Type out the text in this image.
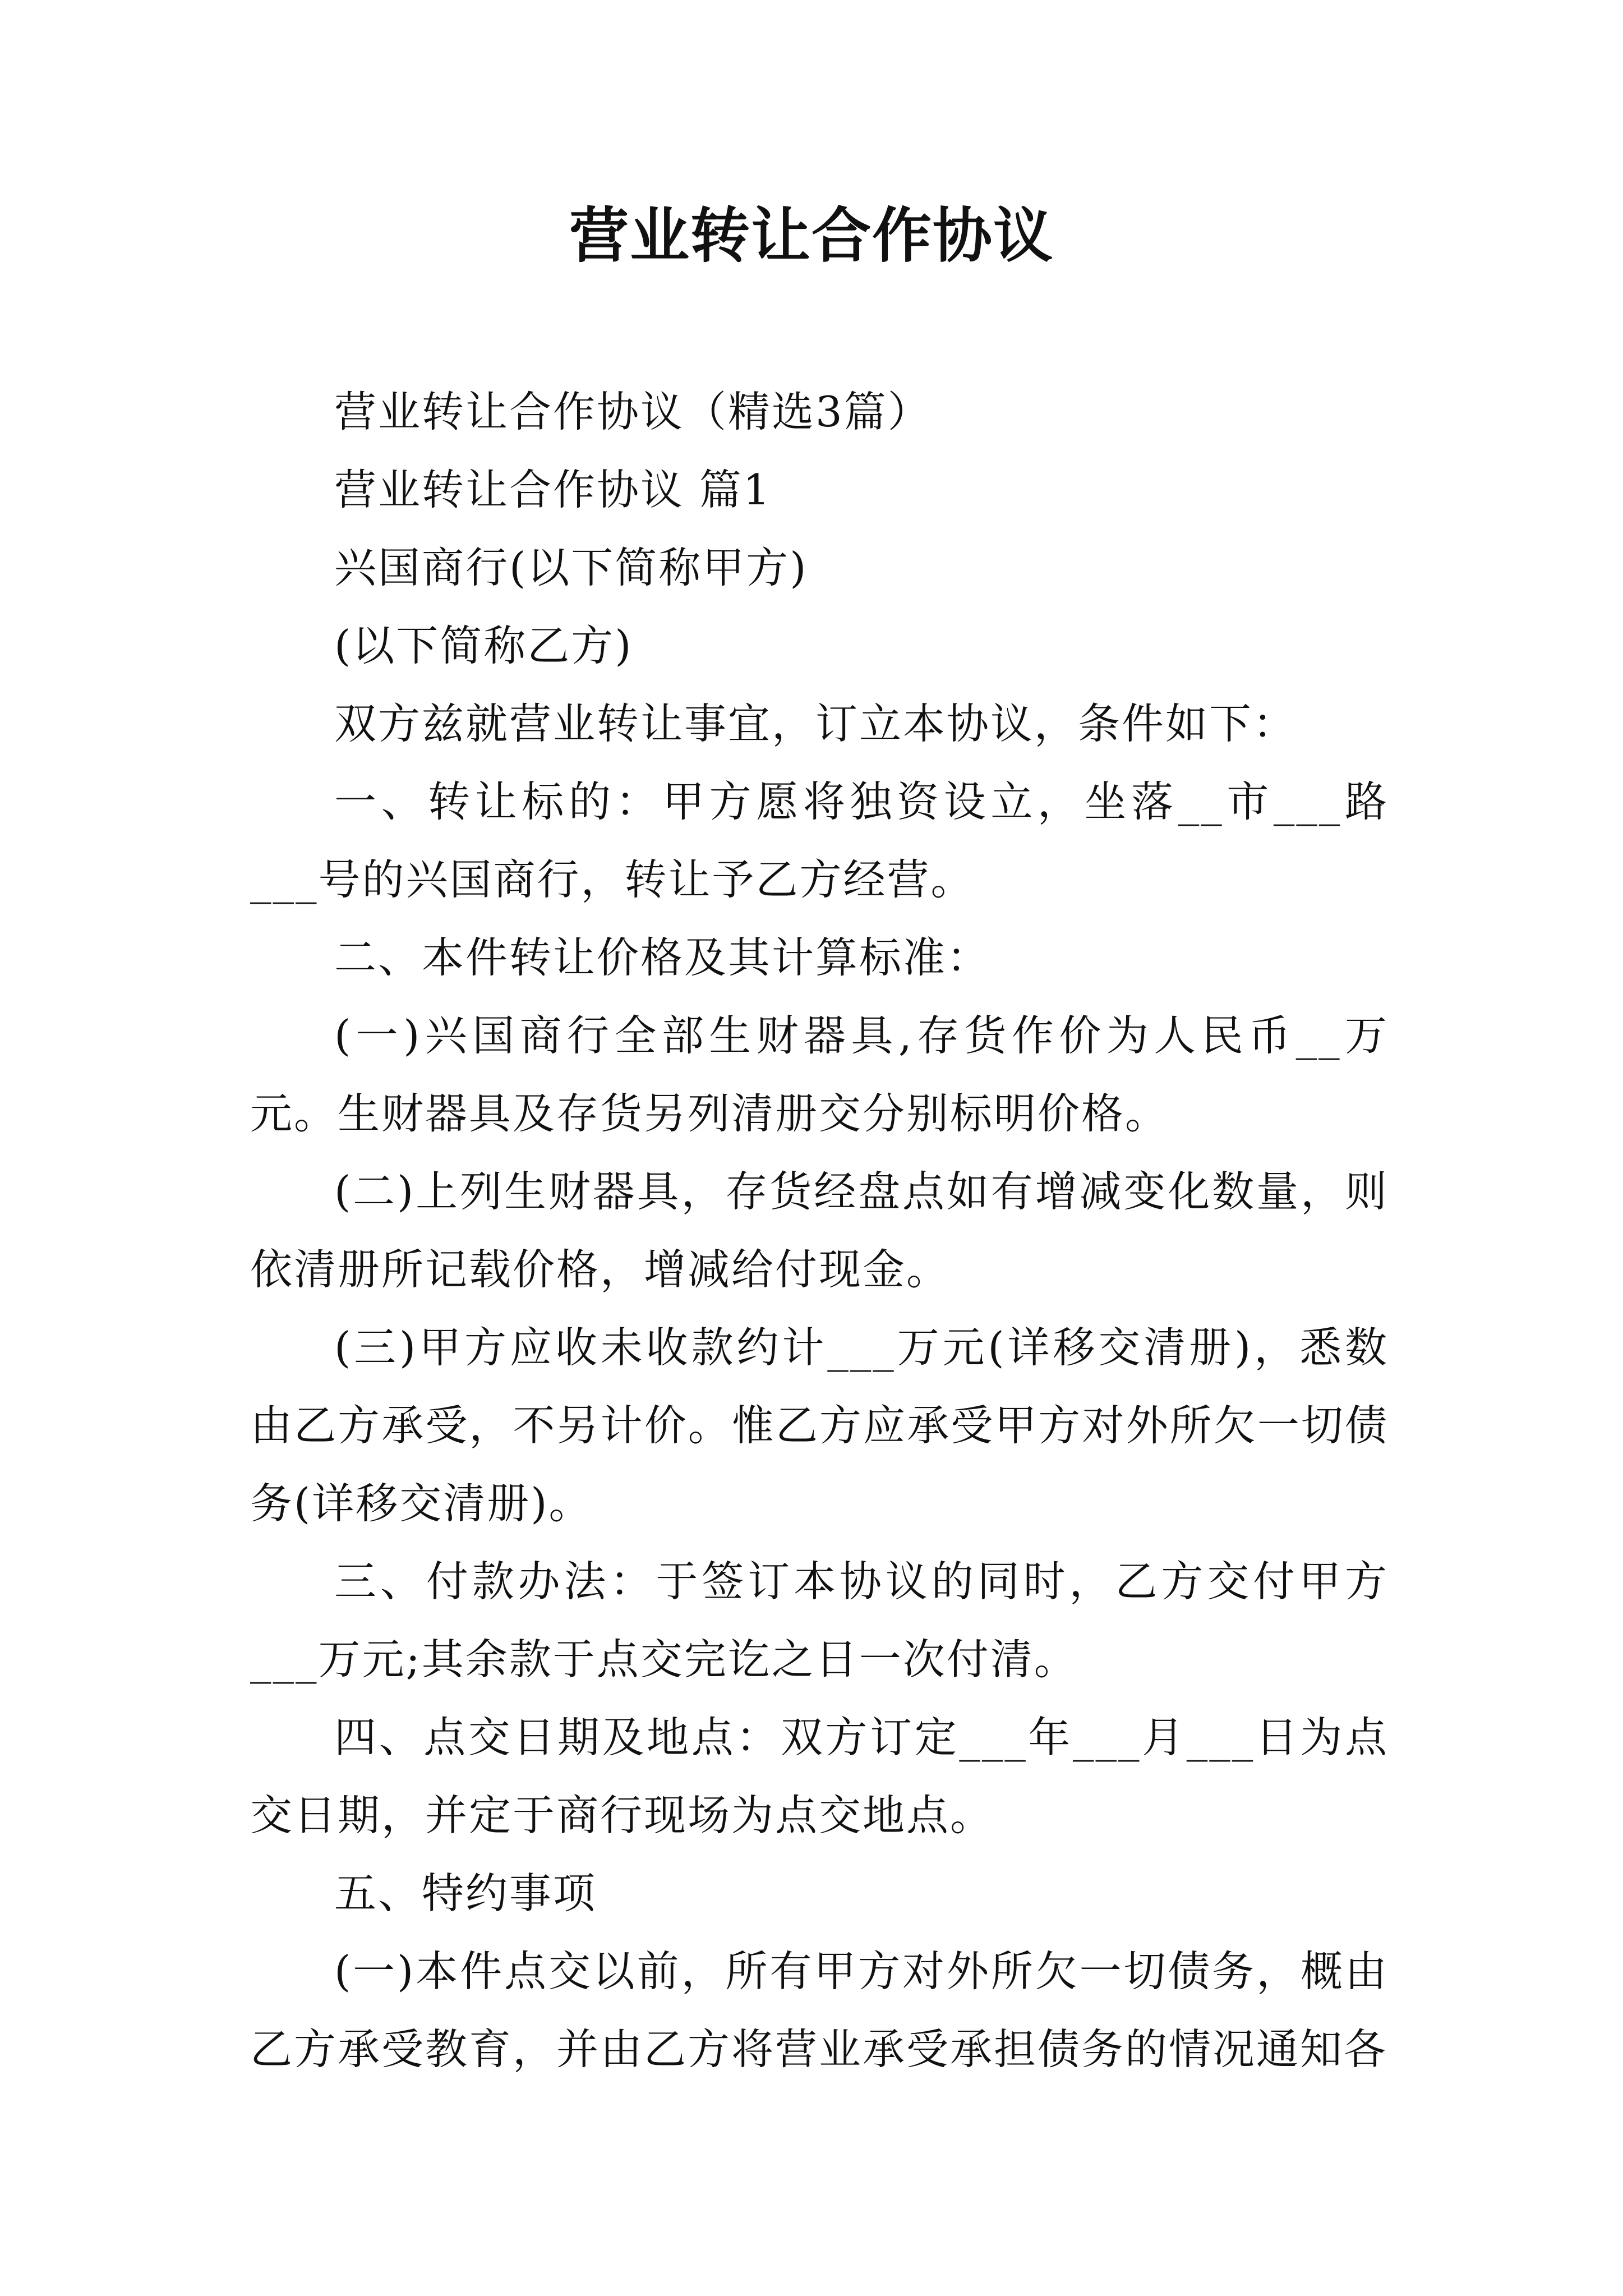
营业转让合作协议

营业转让合作协议（精选3篇）

营业转让合作协议 篇1

兴国商行(以下简称甲方)

(以下简称乙方)

双方兹就营业转让事宜，订立本协议，条件如下：

一、转让标的：甲方愿将独资设立，坐落__市___路___号的兴国商行，转让予乙方经营。

二、本件转让价格及其计算标准：

(一)兴国商行全部生财器具,存货作价为人民币__万元。生财器具及存货另列清册交分别标明价格。

(二)上列生财器具，存货经盘点如有增减变化数量，则依清册所记载价格，增减给付现金。

(三)甲方应收未收款约计___万元(详移交清册)，悉数由乙方承受，不另计价。惟乙方应承受甲方对外所欠一切债务(详移交清册)。

三、付款办法：于签订本协议的同时，乙方交付甲方___万元;其余款于点交完讫之日一次付清。

四、点交日期及地点：双方订定___年___月___日为点交日期，并定于商行现场为点交地点。

五、特约事项

(一)本件点交以前，所有甲方对外所欠一切债务，概由乙方承受教育，并由乙方将营业承受承担债务的情况通知各
